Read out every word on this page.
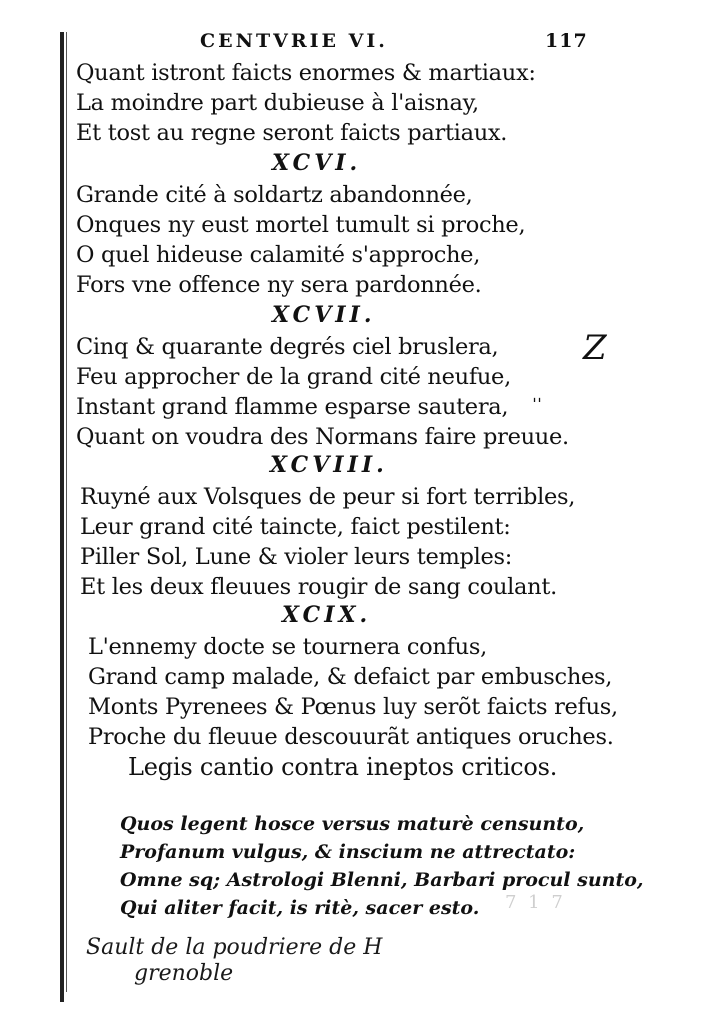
CENTVRIE VI.	117
Quant istront faicts enormes & martiaux:
La moindre part dubieuse à l'aisnay,
Et tost au regne seront faicts partiaux.
XCVI.
Grande cité à soldartz abandonnée,
Onques ny eust mortel tumult si proche,
O quel hideuse calamité s'approche,
Fors vne offence ny sera pardonnée.
XCVII.
Cinq & quarante degrés ciel bruslera,
Feu approcher de la grand cité neufue,
Instant grand flamme esparse sautera,
Quant on voudra des Normans faire preuue.
Z
ˌˌ
XCVIII.
Ruyné aux Volsques de peur si fort terribles,
Leur grand cité taincte, faict pestilent:
Piller Sol, Lune & violer leurs temples:
Et les deux fleuues rougir de sang coulant.
XCIX.
L'ennemy docte se tournera confus,
Grand camp malade, & defaict par embusches,
Monts Pyrenees & Pœnus luy serõt faicts refus,
Proche du fleuue descouurãt antiques oruches.
Legis cantio contra ineptos criticos.
Quos legent hosce versus maturè censunto,
Profanum vulgus, & inscium ne attrectato:
Omne sq; Astrologi Blenni, Barbari procul sunto,
Qui aliter facit, is ritè, sacer esto. 7 1 7
Sault de la poudriere de H
grenoble
